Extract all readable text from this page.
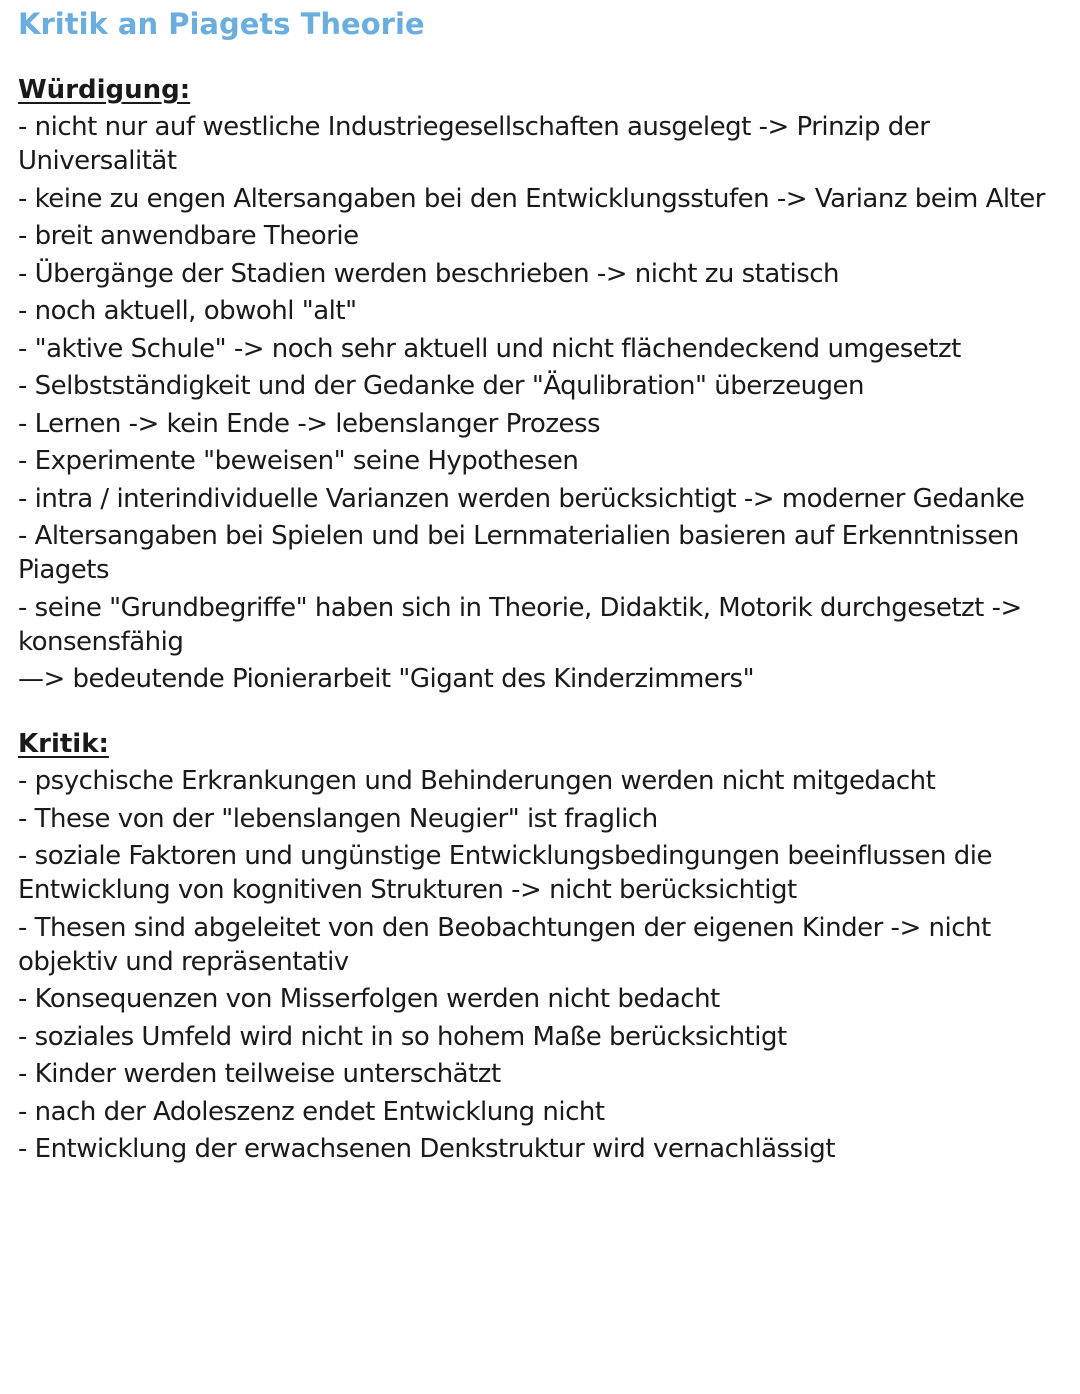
Kritik an Piagets Theorie
Würdigung:
- nicht nur auf westliche Industriegesellschaften ausgelegt -> Prinzip der Universalität
- keine zu engen Altersangaben bei den Entwicklungsstufen -> Varianz beim Alter
- breit anwendbare Theorie
- Übergänge der Stadien werden beschrieben -> nicht zu statisch
- noch aktuell, obwohl "alt"
- "aktive Schule" -> noch sehr aktuell und nicht flächendeckend umgesetzt
- Selbstständigkeit und der Gedanke der "Äqulibration" überzeugen
- Lernen -> kein Ende -> lebenslanger Prozess
- Experimente "beweisen" seine Hypothesen
- intra / interindividuelle Varianzen werden berücksichtigt -> moderner Gedanke
- Altersangaben bei Spielen und bei Lernmaterialien basieren auf Erkenntnissen Piagets
- seine "Grundbegriffe" haben sich in Theorie, Didaktik, Motorik durchgesetzt -> konsensfähig
—> bedeutende Pionierarbeit "Gigant des Kinderzimmers"
Kritik:
- psychische Erkrankungen und Behinderungen werden nicht mitgedacht
- These von der "lebenslangen Neugier" ist fraglich
- soziale Faktoren und ungünstige Entwicklungsbedingungen beeinflussen die Entwicklung von kognitiven Strukturen -> nicht berücksichtigt
- Thesen sind abgeleitet von den Beobachtungen der eigenen Kinder -> nicht objektiv und repräsentativ
- Konsequenzen von Misserfolgen werden nicht bedacht
- soziales Umfeld wird nicht in so hohem Maße berücksichtigt
- Kinder werden teilweise unterschätzt
- nach der Adoleszenz endet Entwicklung nicht
- Entwicklung der erwachsenen Denkstruktur wird vernachlässigt
